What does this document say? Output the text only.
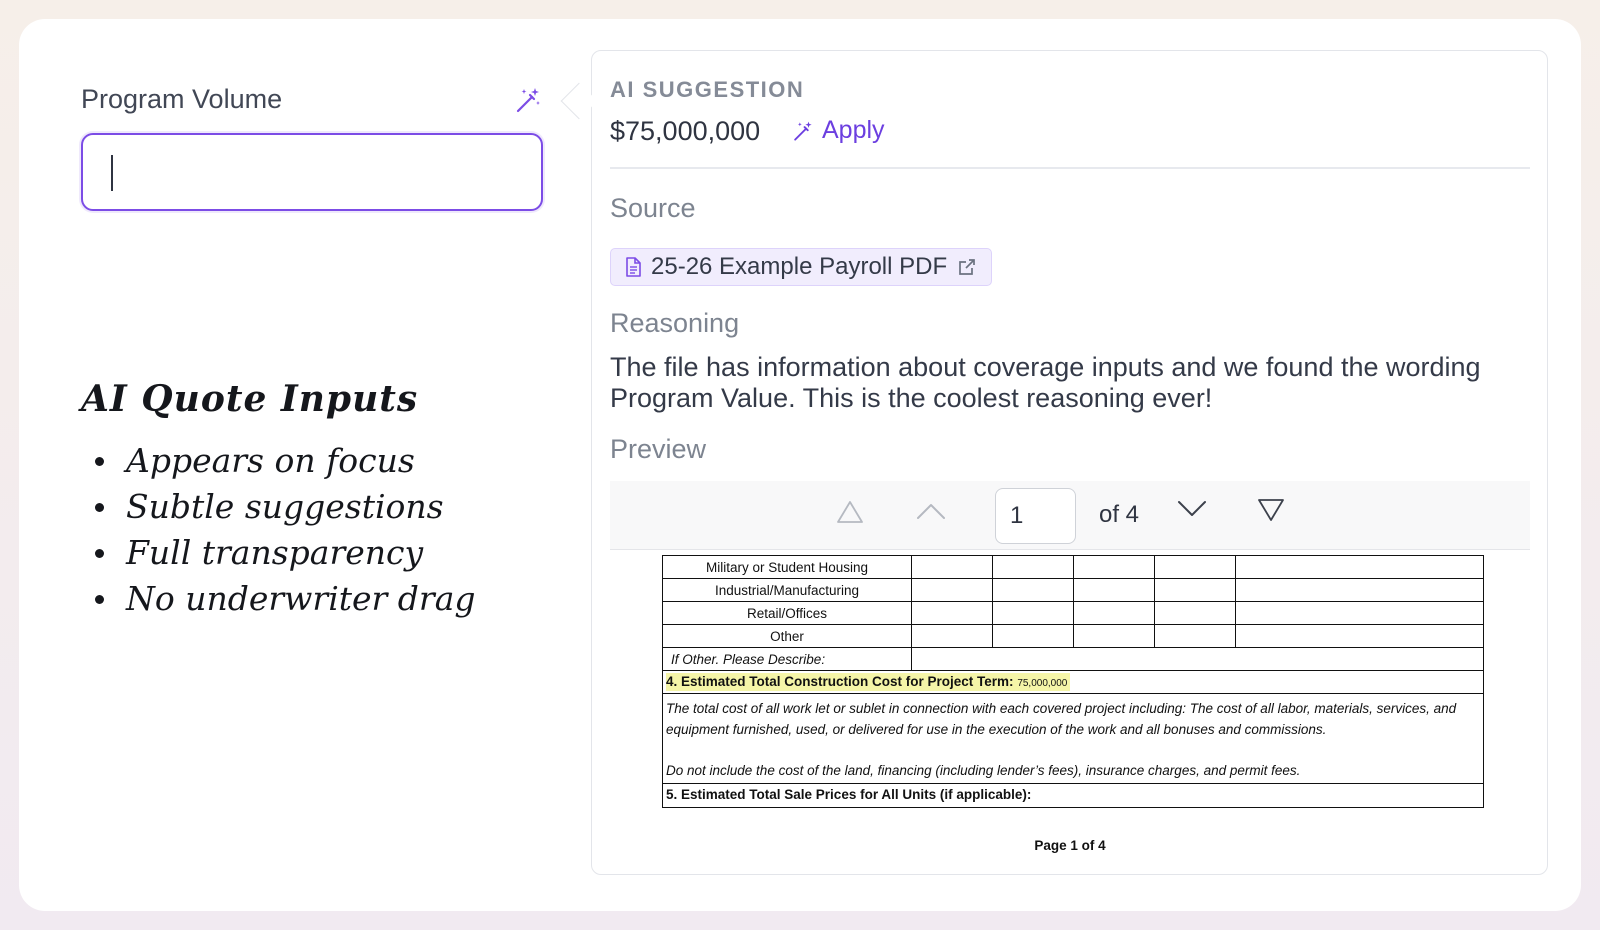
Program Volume
AI Quote Inputs
Appears on focus
Subtle suggestions
Full transparency
No underwriter drag
AI SUGGESTION
$75,000,000 Apply
Source
25-26 Example Payroll PDF
Reasoning
The file has information about coverage inputs and we found the wording Program Value. This is the coolest reasoning ever!
Preview
1	of 4
Military or Student Housing					
Industrial/Manufacturing					
Retail/Offices					
Other					
If Other. Please Describe:					
4. Estimated Total Construction Cost for Project Term: 75,000,000
The total cost of all work let or sublet in connection with each covered project including: The cost of all labor, materials, services, and equipment furnished, used, or delivered for use in the execution of the work and all bonuses and commissions.
Do not include the cost of the land, financing (including lender’s fees), insurance charges, and permit fees.
5. Estimated Total Sale Prices for All Units (if applicable):
Page 1 of 4
